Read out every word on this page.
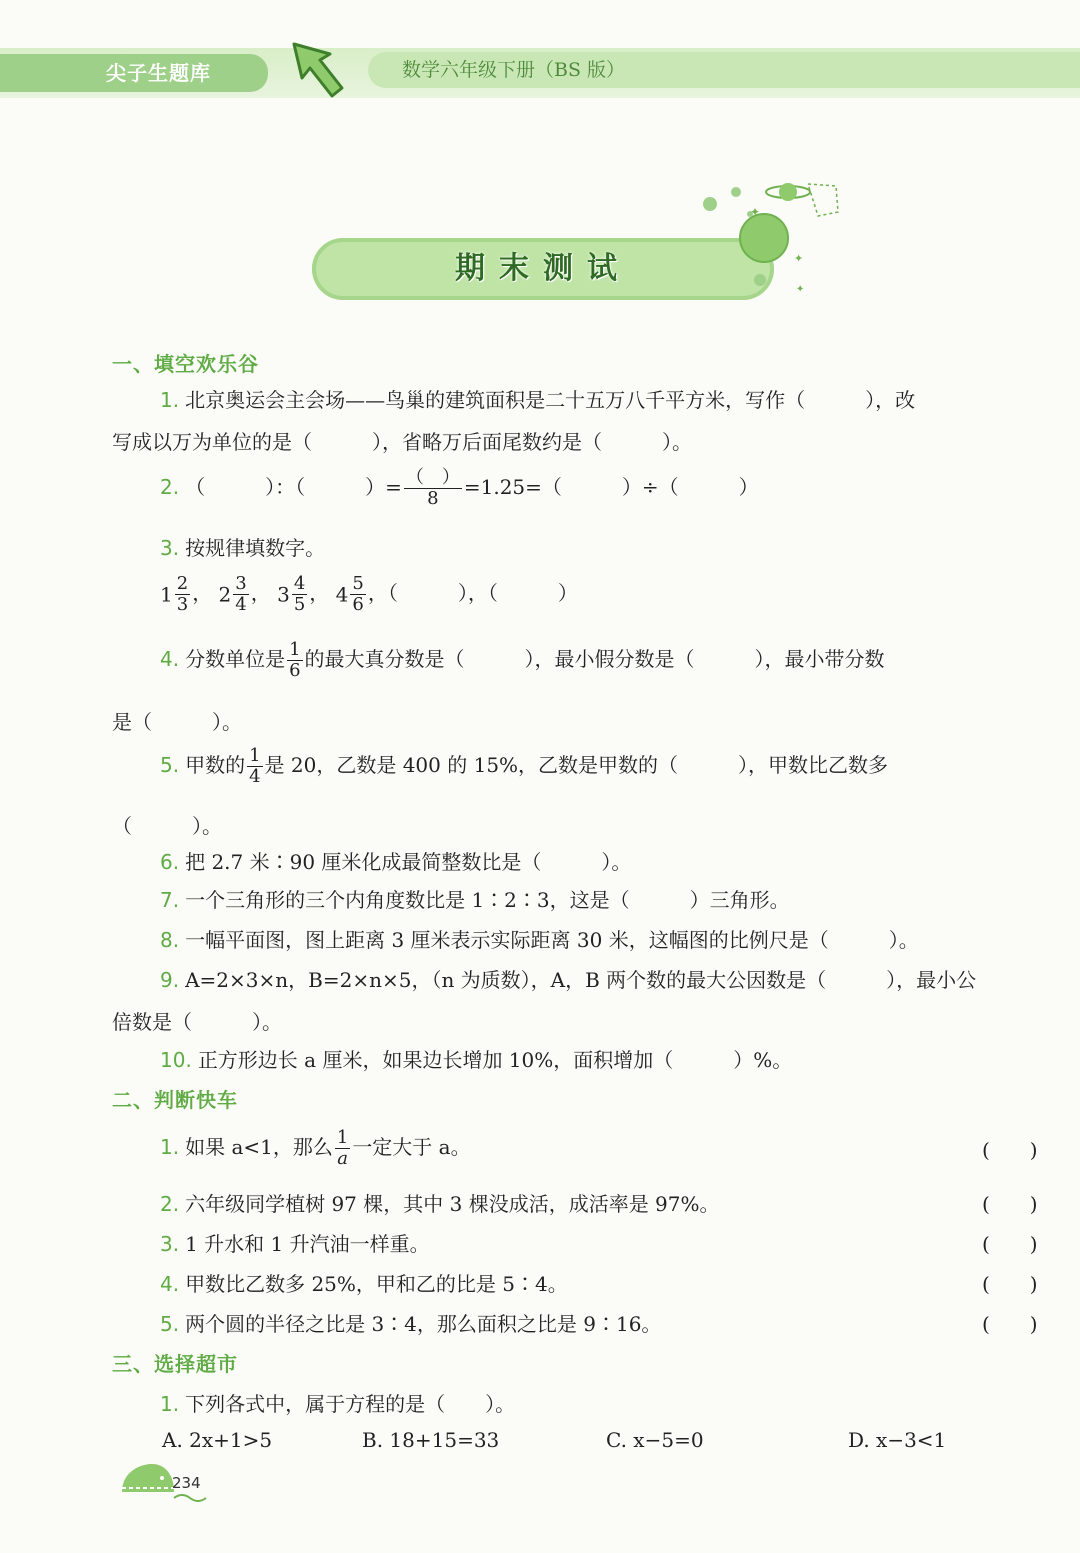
尖子生题库	数学六年级下册（BS 版）
期末测试
✦
✦
✦
一、填空欢乐谷
1. 北京奥运会主会场——鸟巢的建筑面积是二十五万八千平方米，写作（　　　），改
写成以万为单位的是（　　　），省略万后面尾数约是（　　　）。
2. （　　　）：（　　　）= $\frac{( )}{8} =1.25=$（　　　）÷（　　　）
3. 按规律填数字。
$1 \frac{2}{3}$ ， $2 \frac{3}{4}$ ， $3 \frac{4}{5}$ ， $4 \frac{5}{6}$ ，（　　　），（　　　）
4. 分数单位是 $\frac{1}{6}$ 的最大真分数是（　　　），最小假分数是（　　　），最小带分数
是（　　　）。
5. 甲数的 $\frac{1}{4}$ 是 20，乙数是 400 的 15%，乙数是甲数的（　　　），甲数比乙数多
（　　　）。
6. 把 2.7 米∶90 厘米化成最简整数比是（　　　）。
7. 一个三角形的三个内角度数比是 1∶2∶3，这是（　　　）三角形。
8. 一幅平面图，图上距离 3 厘米表示实际距离 30 米，这幅图的比例尺是（　　　）。
9. A=2×3×n，B=2×n×5，（n 为质数），A，B 两个数的最大公因数是（　　　），最小公
倍数是（　　　）。
10. 正方形边长 a 厘米，如果边长增加 10%，面积增加（　　　）%。
二、判断快车
1. 如果 a<1，那么 $\frac{1}{a}$ 一定大于 a。	(　　)
2. 六年级同学植树 97 棵，其中 3 棵没成活，成活率是 97%。	(　　)
3. 1 升水和 1 升汽油一样重。	(　　)
4. 甲数比乙数多 25%，甲和乙的比是 5∶4。	(　　)
5. 两个圆的半径之比是 3∶4，那么面积之比是 9∶16。	(　　)
三、选择超市
1. 下列各式中，属于方程的是（　　）。
A. 2x+1>5	B. 18+15=33	C. x−5=0	D. x−3<1
234
